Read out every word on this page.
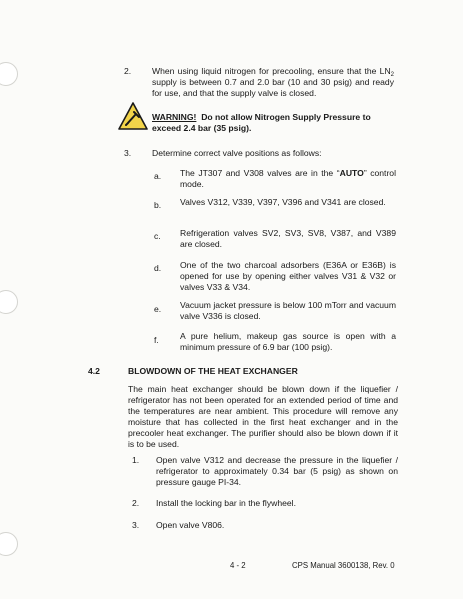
2. When using liquid nitrogen for precooling, ensure that the $LN_2$ supply is between 0.7 and 2.0 bar (10 and 30 psig) and ready for use, and that the supply valve is closed.
WARNING! Do not allow Nitrogen Supply Pressure to exceed 2.4 bar (35 psig).
3. Determine correct valve positions as follows:
a. The JT307 and V308 valves are in the “AUTO” control mode.
b. Valves V312, V339, V397, V396 and V341 are closed.
c. Refrigeration valves SV2, SV3, SV8, V387, and V389 are closed.
d. One of the two charcoal adsorbers (E36A or E36B) is opened for use by opening either valves V31 & V32 or valves V33 & V34.
e. Vacuum jacket pressure is below 100 mTorr and vacuum valve V336 is closed.
f. A pure helium, makeup gas source is open with a minimum pressure of 6.9 bar (100 psig).
4.2	BLOWDOWN OF THE HEAT EXCHANGER
The main heat exchanger should be blown down if the liquefier / refrigerator has not been operated for an extended period of time and the temperatures are near ambient. This procedure will remove any moisture that has collected in the first heat exchanger and in the precooler heat exchanger. The purifier should also be blown down if it is to be used.
1. Open valve V312 and decrease the pressure in the liquefier / refrigerator to approximately 0.34 bar (5 psig) as shown on pressure gauge PI-34.
2. Install the locking bar in the flywheel.
3. Open valve V806.
4 - 2	CPS Manual 3600138, Rev. 0
